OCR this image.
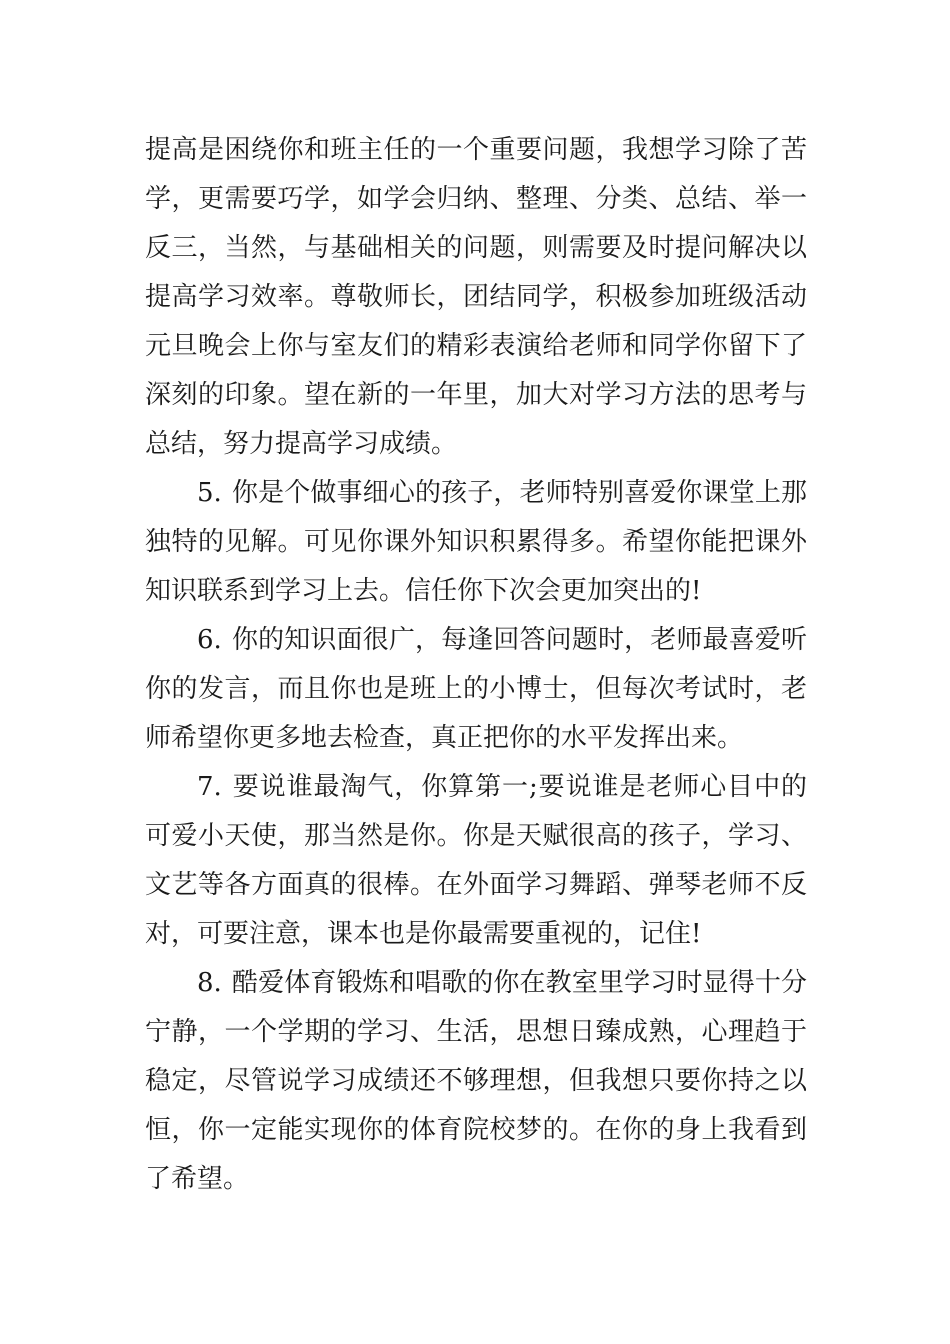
提高是困绕你和班主任的一个重要问题，我想学习除了苦学，更需要巧学，如学会归纳、整理、分类、总结、举一反三，当然，与基础相关的问题，则需要及时提问解决以提高学习效率。尊敬师长，团结同学，积极参加班级活动元旦晚会上你与室友们的精彩表演给老师和同学你留下了深刻的印象。望在新的一年里，加大对学习方法的思考与总结，努力提高学习成绩。

5. 你是个做事细心的孩子，老师特别喜爱你课堂上那独特的见解。可见你课外知识积累得多。希望你能把课外知识联系到学习上去。信任你下次会更加突出的!

6. 你的知识面很广，每逢回答问题时，老师最喜爱听你的发言，而且你也是班上的小博士，但每次考试时，老师希望你更多地去检查，真正把你的水平发挥出来。

7. 要说谁最淘气，你算第一;要说谁是老师心目中的可爱小天使，那当然是你。你是天赋很高的孩子，学习、文艺等各方面真的很棒。在外面学习舞蹈、弹琴老师不反对，可要注意，课本也是你最需要重视的，记住!

8. 酷爱体育锻炼和唱歌的你在教室里学习时显得十分宁静，一个学期的学习、生活，思想日臻成熟，心理趋于稳定，尽管说学习成绩还不够理想，但我想只要你持之以恒，你一定能实现你的体育院校梦的。在你的身上我看到了希望。
